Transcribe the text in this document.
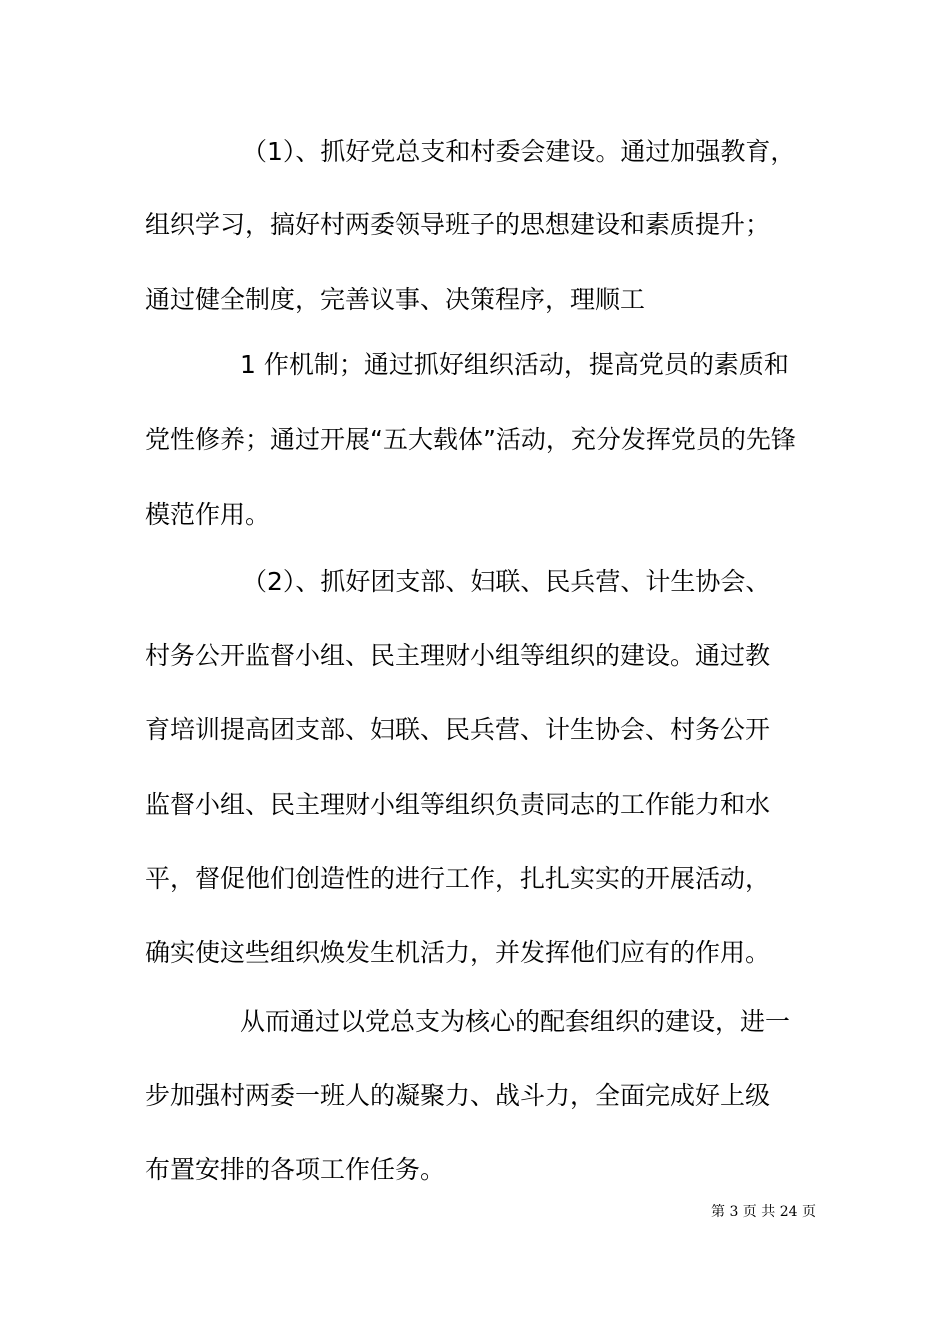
（1）、抓好党总支和村委会建设。通过加强教育，
组织学习，搞好村两委领导班子的思想建设和素质提升；
通过健全制度，完善议事、决策程序，理顺工
1 作机制；通过抓好组织活动，提高党员的素质和
党性修养；通过开展“五大载体”活动，充分发挥党员的先锋
模范作用。
（2）、抓好团支部、妇联、民兵营、计生协会、
村务公开监督小组、民主理财小组等组织的建设。通过教
育培训提高团支部、妇联、民兵营、计生协会、村务公开
监督小组、民主理财小组等组织负责同志的工作能力和水
平，督促他们创造性的进行工作，扎扎实实的开展活动，
确实使这些组织焕发生机活力，并发挥他们应有的作用。
从而通过以党总支为核心的配套组织的建设，进一
步加强村两委一班人的凝聚力、战斗力，全面完成好上级
布置安排的各项工作任务。
第 3 页 共 24 页
